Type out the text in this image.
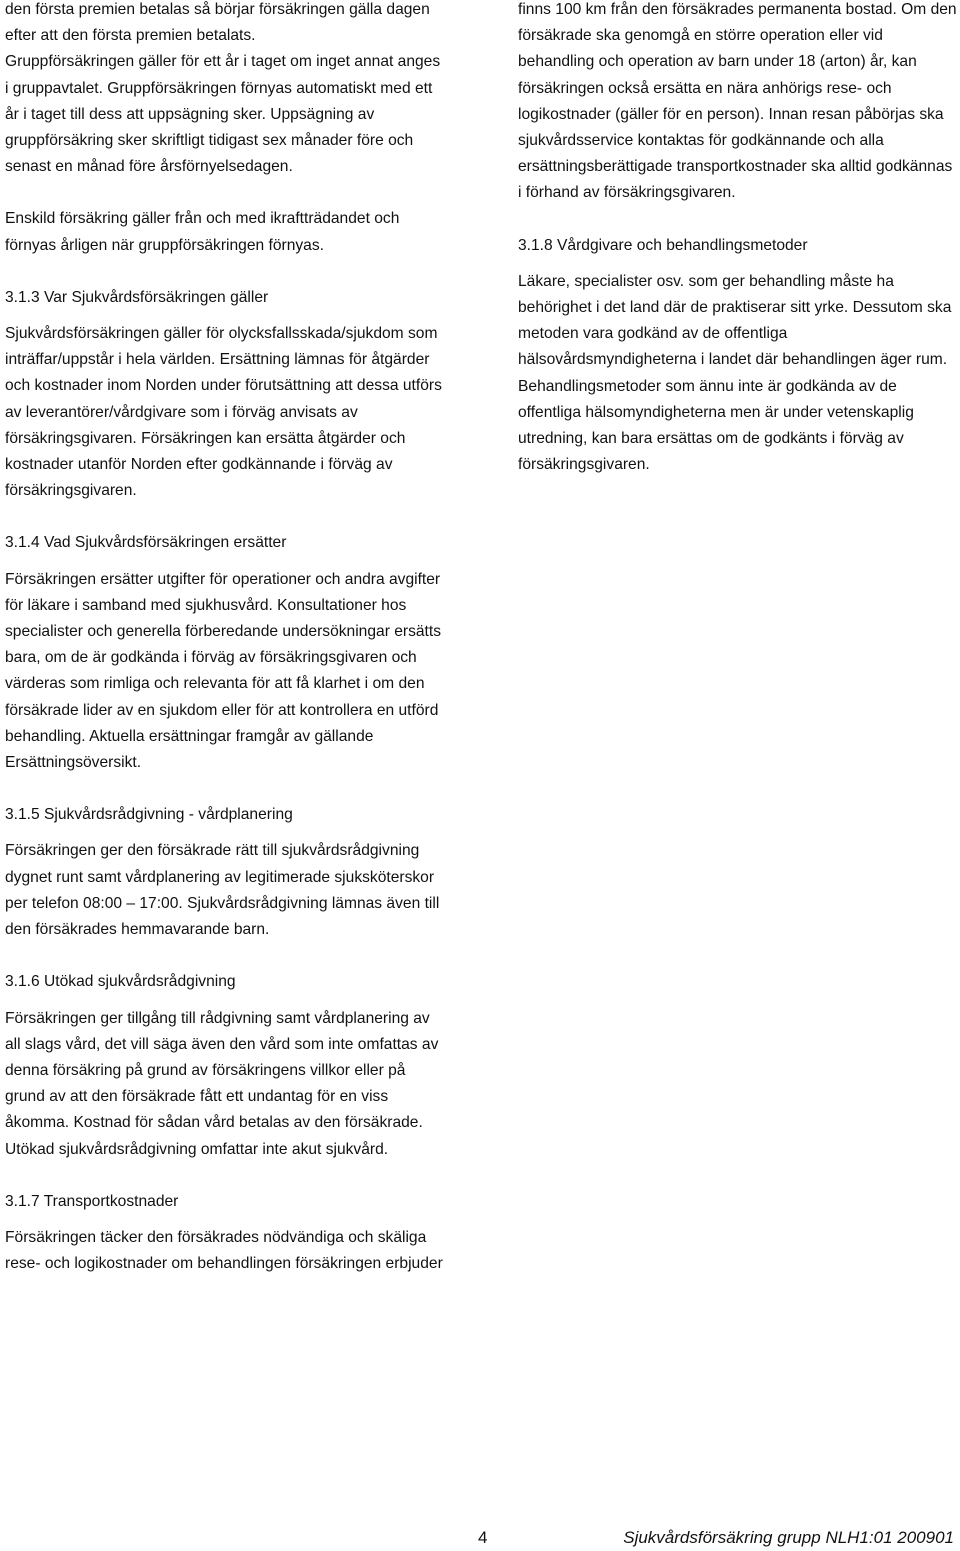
den första premien betalas så börjar försäkringen gälla dagen
efter att den första premien betalats.
Gruppförsäkringen gäller för ett år i taget om inget annat anges
i gruppavtalet. Gruppförsäkringen förnyas automatiskt med ett
år i taget till dess att uppsägning sker. Uppsägning av
gruppförsäkring sker skriftligt tidigast sex månader före och
senast en månad före årsförnyelsedagen.

Enskild försäkring gäller från och med ikraftträdandet och
förnyas årligen när gruppförsäkringen förnyas.

3.1.3 Var Sjukvårdsförsäkringen gäller

Sjukvårdsförsäkringen gäller för olycksfallsskada/sjukdom som
inträffar/uppstår i hela världen. Ersättning lämnas för åtgärder
och kostnader inom Norden under förutsättning att dessa utförs
av leverantörer/vårdgivare som i förväg anvisats av
försäkringsgivaren. Försäkringen kan ersätta åtgärder och
kostnader utanför Norden efter godkännande i förväg av
försäkringsgivaren.

3.1.4 Vad Sjukvårdsförsäkringen ersätter

Försäkringen ersätter utgifter för operationer och andra avgifter
för läkare i samband med sjukhusvård. Konsultationer hos
specialister och generella förberedande undersökningar ersätts
bara, om de är godkända i förväg av försäkringsgivaren och
värderas som rimliga och relevanta för att få klarhet i om den
försäkrade lider av en sjukdom eller för att kontrollera en utförd
behandling. Aktuella ersättningar framgår av gällande
Ersättningsöversikt.

3.1.5 Sjukvårdsrådgivning - vårdplanering

Försäkringen ger den försäkrade rätt till sjukvårdsrådgivning
dygnet runt samt vårdplanering av legitimerade sjuksköterskor
per telefon 08:00 – 17:00. Sjukvårdsrådgivning lämnas även till
den försäkrades hemmavarande barn.

3.1.6 Utökad sjukvårdsrådgivning

Försäkringen ger tillgång till rådgivning samt vårdplanering av
all slags vård, det vill säga även den vård som inte omfattas av
denna försäkring på grund av försäkringens villkor eller på
grund av att den försäkrade fått ett undantag för en viss
åkomma. Kostnad för sådan vård betalas av den försäkrade.
Utökad sjukvårdsrådgivning omfattar inte akut sjukvård.

3.1.7 Transportkostnader

Försäkringen täcker den försäkrades nödvändiga och skäliga
rese- och logikostnader om behandlingen försäkringen erbjuder

finns 100 km från den försäkrades permanenta bostad. Om den
försäkrade ska genomgå en större operation eller vid
behandling och operation av barn under 18 (arton) år, kan
försäkringen också ersätta en nära anhörigs rese- och
logikostnader (gäller för en person). Innan resan påbörjas ska
sjukvårdsservice kontaktas för godkännande och alla
ersättningsberättigade transportkostnader ska alltid godkännas
i förhand av försäkringsgivaren.

3.1.8 Vårdgivare och behandlingsmetoder

Läkare, specialister osv. som ger behandling måste ha
behörighet i det land där de praktiserar sitt yrke. Dessutom ska
metoden vara godkänd av de offentliga
hälsovårdsmyndigheterna i landet där behandlingen äger rum.
Behandlingsmetoder som ännu inte är godkända av de
offentliga hälsomyndigheterna men är under vetenskaplig
utredning, kan bara ersättas om de godkänts i förväg av
försäkringsgivaren.

4	Sjukvårdsförsäkring grupp NLH1:01 200901
